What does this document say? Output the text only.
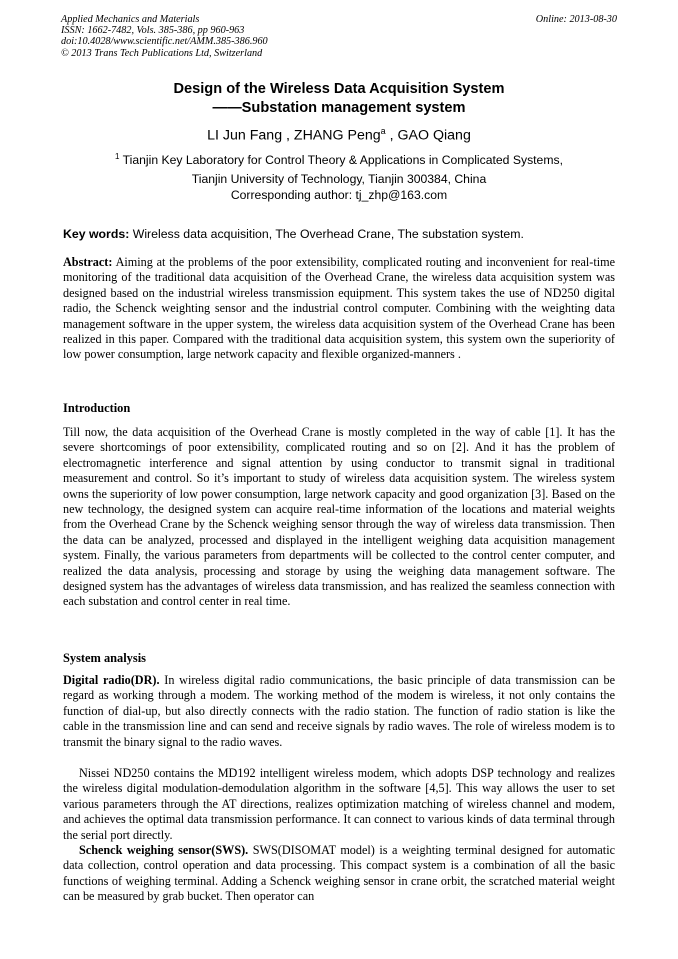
Applied Mechanics and Materials
ISSN: 1662-7482, Vols. 385-386, pp 960-963
doi:10.4028/www.scientific.net/AMM.385-386.960
© 2013 Trans Tech Publications Ltd, Switzerland
Online: 2013-08-30
Design of the Wireless Data Acquisition System
——Substation management system
LI Jun Fang , ZHANG Peng$^a$ , GAO Qiang
$^1$ Tianjin Key Laboratory for Control Theory & Applications in Complicated Systems,
Tianjin University of Technology, Tianjin 300384, China
Corresponding author: tj_zhp@163.com
Key words: Wireless data acquisition, The Overhead Crane, The substation system.
Abstract: Aiming at the problems of the poor extensibility, complicated routing and inconvenient for real-time monitoring of the traditional data acquisition of the Overhead Crane, the wireless data acquisition system was designed based on the industrial wireless transmission equipment. This system takes the use of ND250 digital radio, the Schenck weighting sensor and the industrial control computer. Combining with the weighting data management software in the upper system, the wireless data acquisition system of the Overhead Crane has been realized in this paper. Compared with the traditional data acquisition system, this system own the superiority of low power consumption, large network capacity and flexible organized-manners .
Introduction
Till now, the data acquisition of the Overhead Crane is mostly completed in the way of cable [1]. It has the severe shortcomings of poor extensibility, complicated routing and so on [2]. And it has the problem of electromagnetic interference and signal attention by using conductor to transmit signal in traditional measurement and control. So it’s important to study of wireless data acquisition system. The wireless system owns the superiority of low power consumption, large network capacity and good organization [3]. Based on the new technology, the designed system can acquire real-time information of the locations and material weights from the Overhead Crane by the Schenck weighing sensor through the way of wireless data transmission. Then the data can be analyzed, processed and displayed in the intelligent weighing data acquisition management system. Finally, the various parameters from departments will be collected to the control center computer, and realized the data analysis, processing and storage by using the weighing data management software. The designed system has the advantages of wireless data transmission, and has realized the seamless connection with each substation and control center in real time.
System analysis
Digital radio(DR). In wireless digital radio communications, the basic principle of data transmission can be regard as working through a modem. The working method of the modem is wireless, it not only contains the function of dial-up, but also directly connects with the radio station. The function of radio station is like the cable in the transmission line and can send and receive signals by radio waves. The role of wireless modem is to transmit the binary signal to the radio waves.
Nissei ND250 contains the MD192 intelligent wireless modem, which adopts DSP technology and realizes the wireless digital modulation-demodulation algorithm in the software [4,5]. This way allows the user to set various parameters through the AT directions, realizes optimization matching of wireless channel and modem, and achieves the optimal data transmission performance. It can connect to various kinds of data terminal through the serial port directly.
Schenck weighing sensor(SWS). SWS(DISOMAT model) is a weighting terminal designed for automatic data collection, control operation and data processing. This compact system is a combination of all the basic functions of weighing terminal. Adding a Schenck weighing sensor in crane orbit, the scratched material weight can be measured by grab bucket. Then operator can
